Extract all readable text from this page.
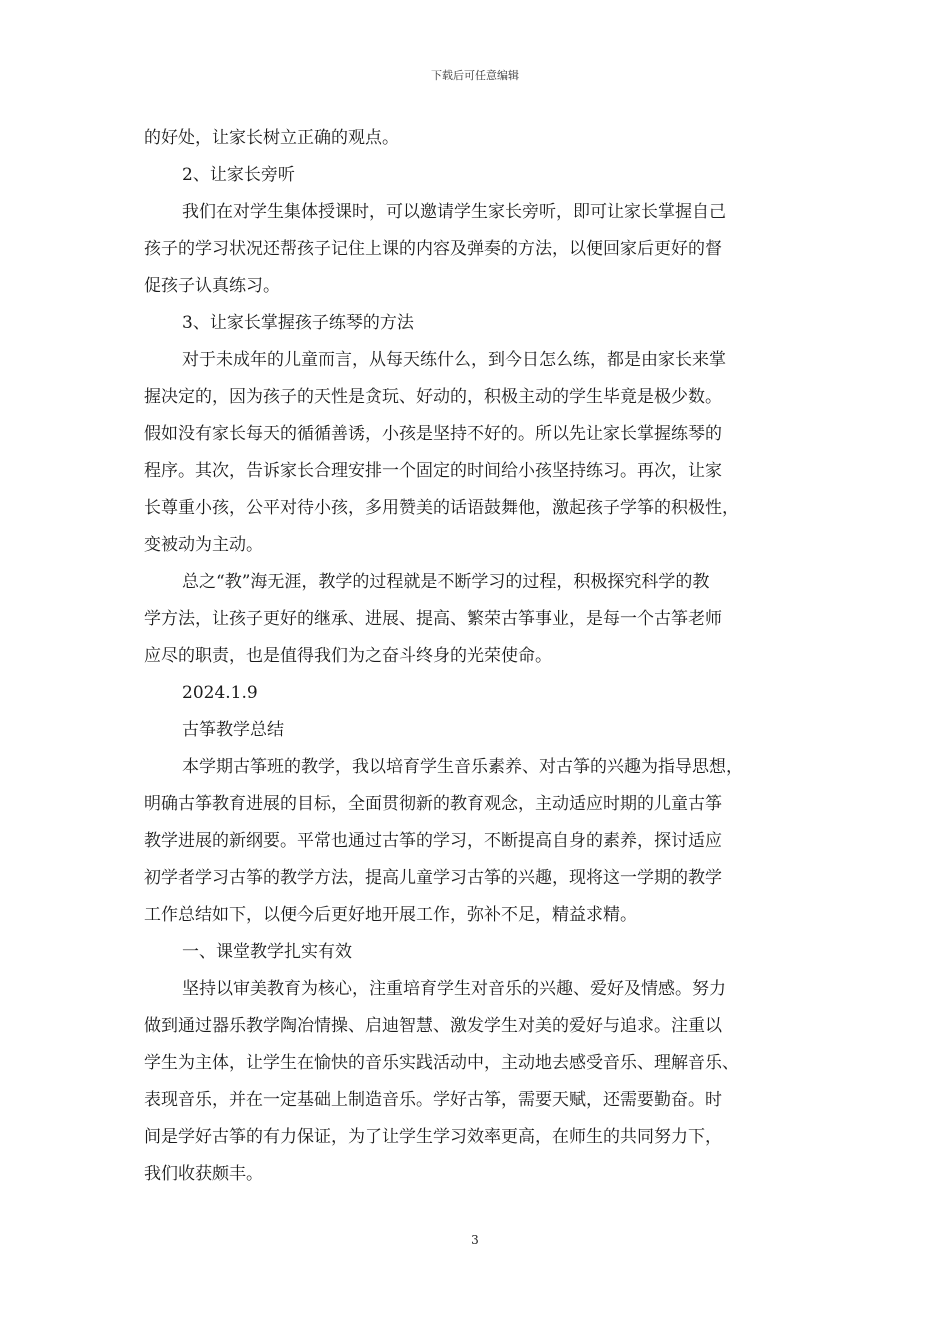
下载后可任意编辑
的好处，让家长树立正确的观点。
2、让家长旁听
我们在对学生集体授课时，可以邀请学生家长旁听，即可让家长掌握自己
孩子的学习状况还帮孩子记住上课的内容及弹奏的方法，以便回家后更好的督
促孩子认真练习。
3、让家长掌握孩子练琴的方法
对于未成年的儿童而言，从每天练什么，到今日怎么练，都是由家长来掌
握决定的，因为孩子的天性是贪玩、好动的，积极主动的学生毕竟是极少数。
假如没有家长每天的循循善诱，小孩是坚持不好的。所以先让家长掌握练琴的
程序。其次，告诉家长合理安排一个固定的时间给小孩坚持练习。再次，让家
长尊重小孩，公平对待小孩，多用赞美的话语鼓舞他，激起孩子学筝的积极性，
变被动为主动。
总之“教”海无涯，教学的过程就是不断学习的过程，积极探究科学的教
学方法，让孩子更好的继承、进展、提高、繁荣古筝事业，是每一个古筝老师
应尽的职责，也是值得我们为之奋斗终身的光荣使命。
2024.1.9
古筝教学总结
本学期古筝班的教学，我以培育学生音乐素养、对古筝的兴趣为指导思想，
明确古筝教育进展的目标，全面贯彻新的教育观念，主动适应时期的儿童古筝
教学进展的新纲要。平常也通过古筝的学习，不断提高自身的素养，探讨适应
初学者学习古筝的教学方法，提高儿童学习古筝的兴趣，现将这一学期的教学
工作总结如下，以便今后更好地开展工作，弥补不足，精益求精。
一、课堂教学扎实有效
坚持以审美教育为核心，注重培育学生对音乐的兴趣、爱好及情感。努力
做到通过器乐教学陶冶情操、启迪智慧、激发学生对美的爱好与追求。注重以
学生为主体，让学生在愉快的音乐实践活动中，主动地去感受音乐、理解音乐、
表现音乐，并在一定基础上制造音乐。学好古筝，需要天赋，还需要勤奋。时
间是学好古筝的有力保证，为了让学生学习效率更高，在师生的共同努力下，
我们收获颇丰。
3
